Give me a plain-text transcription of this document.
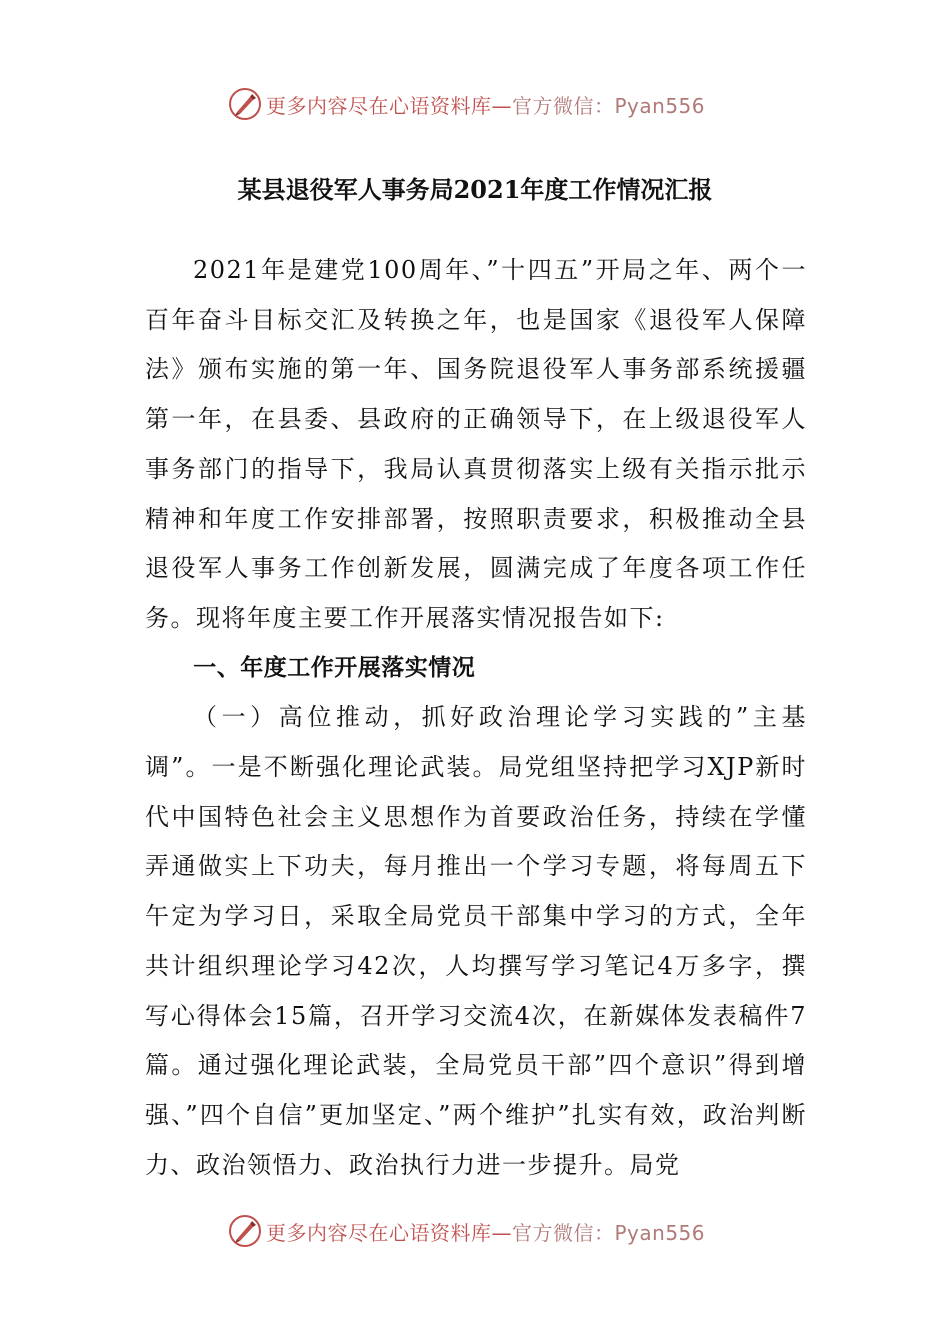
更多内容尽在心语资料库—官方微信：Pyan556
某县退役军人事务局2021年度工作情况汇报

2021年是建党100周年、”十四五”开局之年、两个一百年奋斗目标交汇及转换之年，也是国家《退役军人保障法》颁布实施的第一年、国务院退役军人事务部系统援疆第一年，在县委、县政府的正确领导下，在上级退役军人事务部门的指导下，我局认真贯彻落实上级有关指示批示精神和年度工作安排部署，按照职责要求，积极推动全县退役军人事务工作创新发展，圆满完成了年度各项工作任务。现将年度主要工作开展落实情况报告如下:

一、年度工作开展落实情况

（一）高位推动，抓好政治理论学习实践的”主基调”。一是不断强化理论武装。局党组坚持把学习XJP新时代中国特色社会主义思想作为首要政治任务，持续在学懂弄通做实上下功夫，每月推出一个学习专题，将每周五下午定为学习日，采取全局党员干部集中学习的方式，全年共计组织理论学习42次，人均撰写学习笔记4万多字，撰写心得体会15篇，召开学习交流4次，在新媒体发表稿件7篇。通过强化理论武装，全局党员干部”四个意识”得到增强、”四个自信”更加坚定、”两个维护”扎实有效，政治判断力、政治领悟力、政治执行力进一步提升。局党

更多内容尽在心语资料库—官方微信：Pyan556
